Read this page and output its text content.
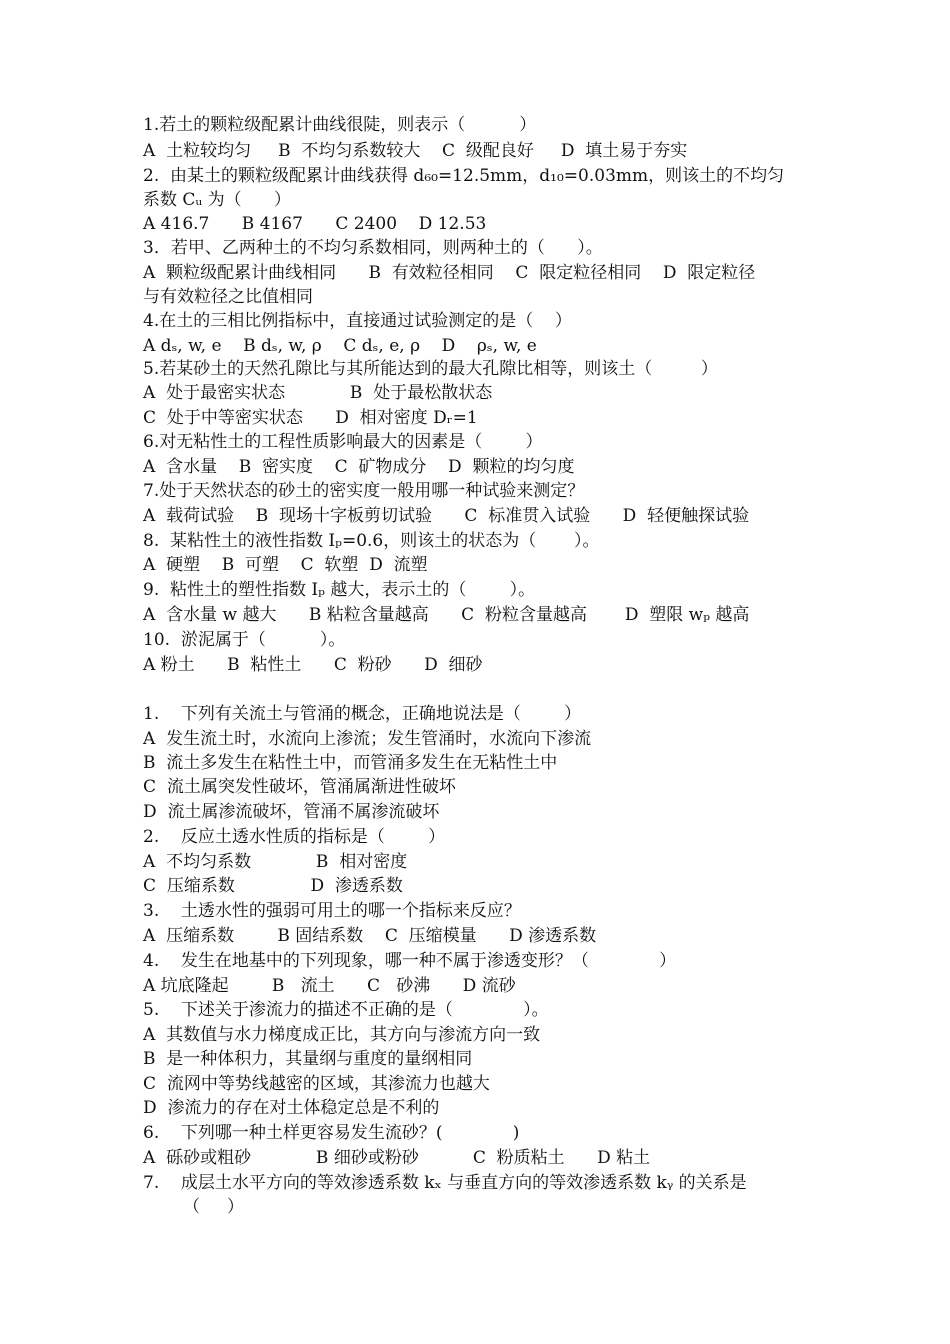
1.若土的颗粒级配累计曲线很陡，则表示（          ）
A  土粒较均匀     B  不均匀系数较大    C  级配良好     D  填土易于夯实
2.  由某土的颗粒级配累计曲线获得 d₆₀=12.5mm，d₁₀=0.03mm，则该土的不均匀
系数 Cᵤ 为（      ）
A 416.7      B 4167      C 2400    D 12.53
3．若甲、乙两种土的不均匀系数相同，则两种土的（      ）。
A  颗粒级配累计曲线相同      B  有效粒径相同    C  限定粒径相同    D  限定粒径
与有效粒径之比值相同
4.在土的三相比例指标中，直接通过试验测定的是（    ）
A dₛ, w, e    B dₛ, w, ρ    C dₛ, e, ρ    D    ρₛ, w, e
5.若某砂土的天然孔隙比与其所能达到的最大孔隙比相等，则该土（         ）
A  处于最密实状态            B  处于最松散状态
C  处于中等密实状态      D  相对密度 Dᵣ=1
6.对无粘性土的工程性质影响最大的因素是（        ）
A  含水量    B  密实度    C  矿物成分    D  颗粒的均匀度
7.处于天然状态的砂土的密实度一般用哪一种试验来测定？
A  载荷试验    B  现场十字板剪切试验      C  标准贯入试验      D  轻便触探试验
8.  某粘性土的液性指数 Iₚ=0.6，则该土的状态为（       ）。
A  硬塑    B  可塑    C  软塑  D  流塑
9.  粘性土的塑性指数 Iₚ 越大，表示土的（        ）。
A  含水量 w 越大      B 粘粒含量越高      C  粉粒含量越高       D  塑限 wₚ 越高
10.  淤泥属于（          ）。
A 粉土      B  粘性土      C  粉砂      D  细砂
1.    下列有关流土与管涌的概念，正确地说法是（        ）
A  发生流土时，水流向上渗流；发生管涌时，水流向下渗流
B  流土多发生在粘性土中，而管涌多发生在无粘性土中
C  流土属突发性破坏，管涌属渐进性破坏
D  流土属渗流破坏，管涌不属渗流破坏
2.    反应土透水性质的指标是（        ）
A  不均匀系数            B  相对密度
C  压缩系数              D  渗透系数
3.    土透水性的强弱可用土的哪一个指标来反应？
A  压缩系数        B 固结系数    C  压缩模量      D 渗透系数
4.    发生在地基中的下列现象，哪一种不属于渗透变形？（             ）
A 坑底隆起        B   流土      C   砂沸      D 流砂
5.    下述关于渗流力的描述不正确的是（             ）。
A  其数值与水力梯度成正比，其方向与渗流方向一致
B  是一种体积力，其量纲与重度的量纲相同
C  流网中等势线越密的区域，其渗流力也越大
D  渗流力的存在对土体稳定总是不利的
6.    下列哪一种土样更容易发生流砂？(             )
A  砾砂或粗砂            B 细砂或粉砂          C  粉质粘土      D 粘土
7.    成层土水平方向的等效渗透系数 kₓ 与垂直方向的等效渗透系数 kᵧ 的关系是
（     ）
